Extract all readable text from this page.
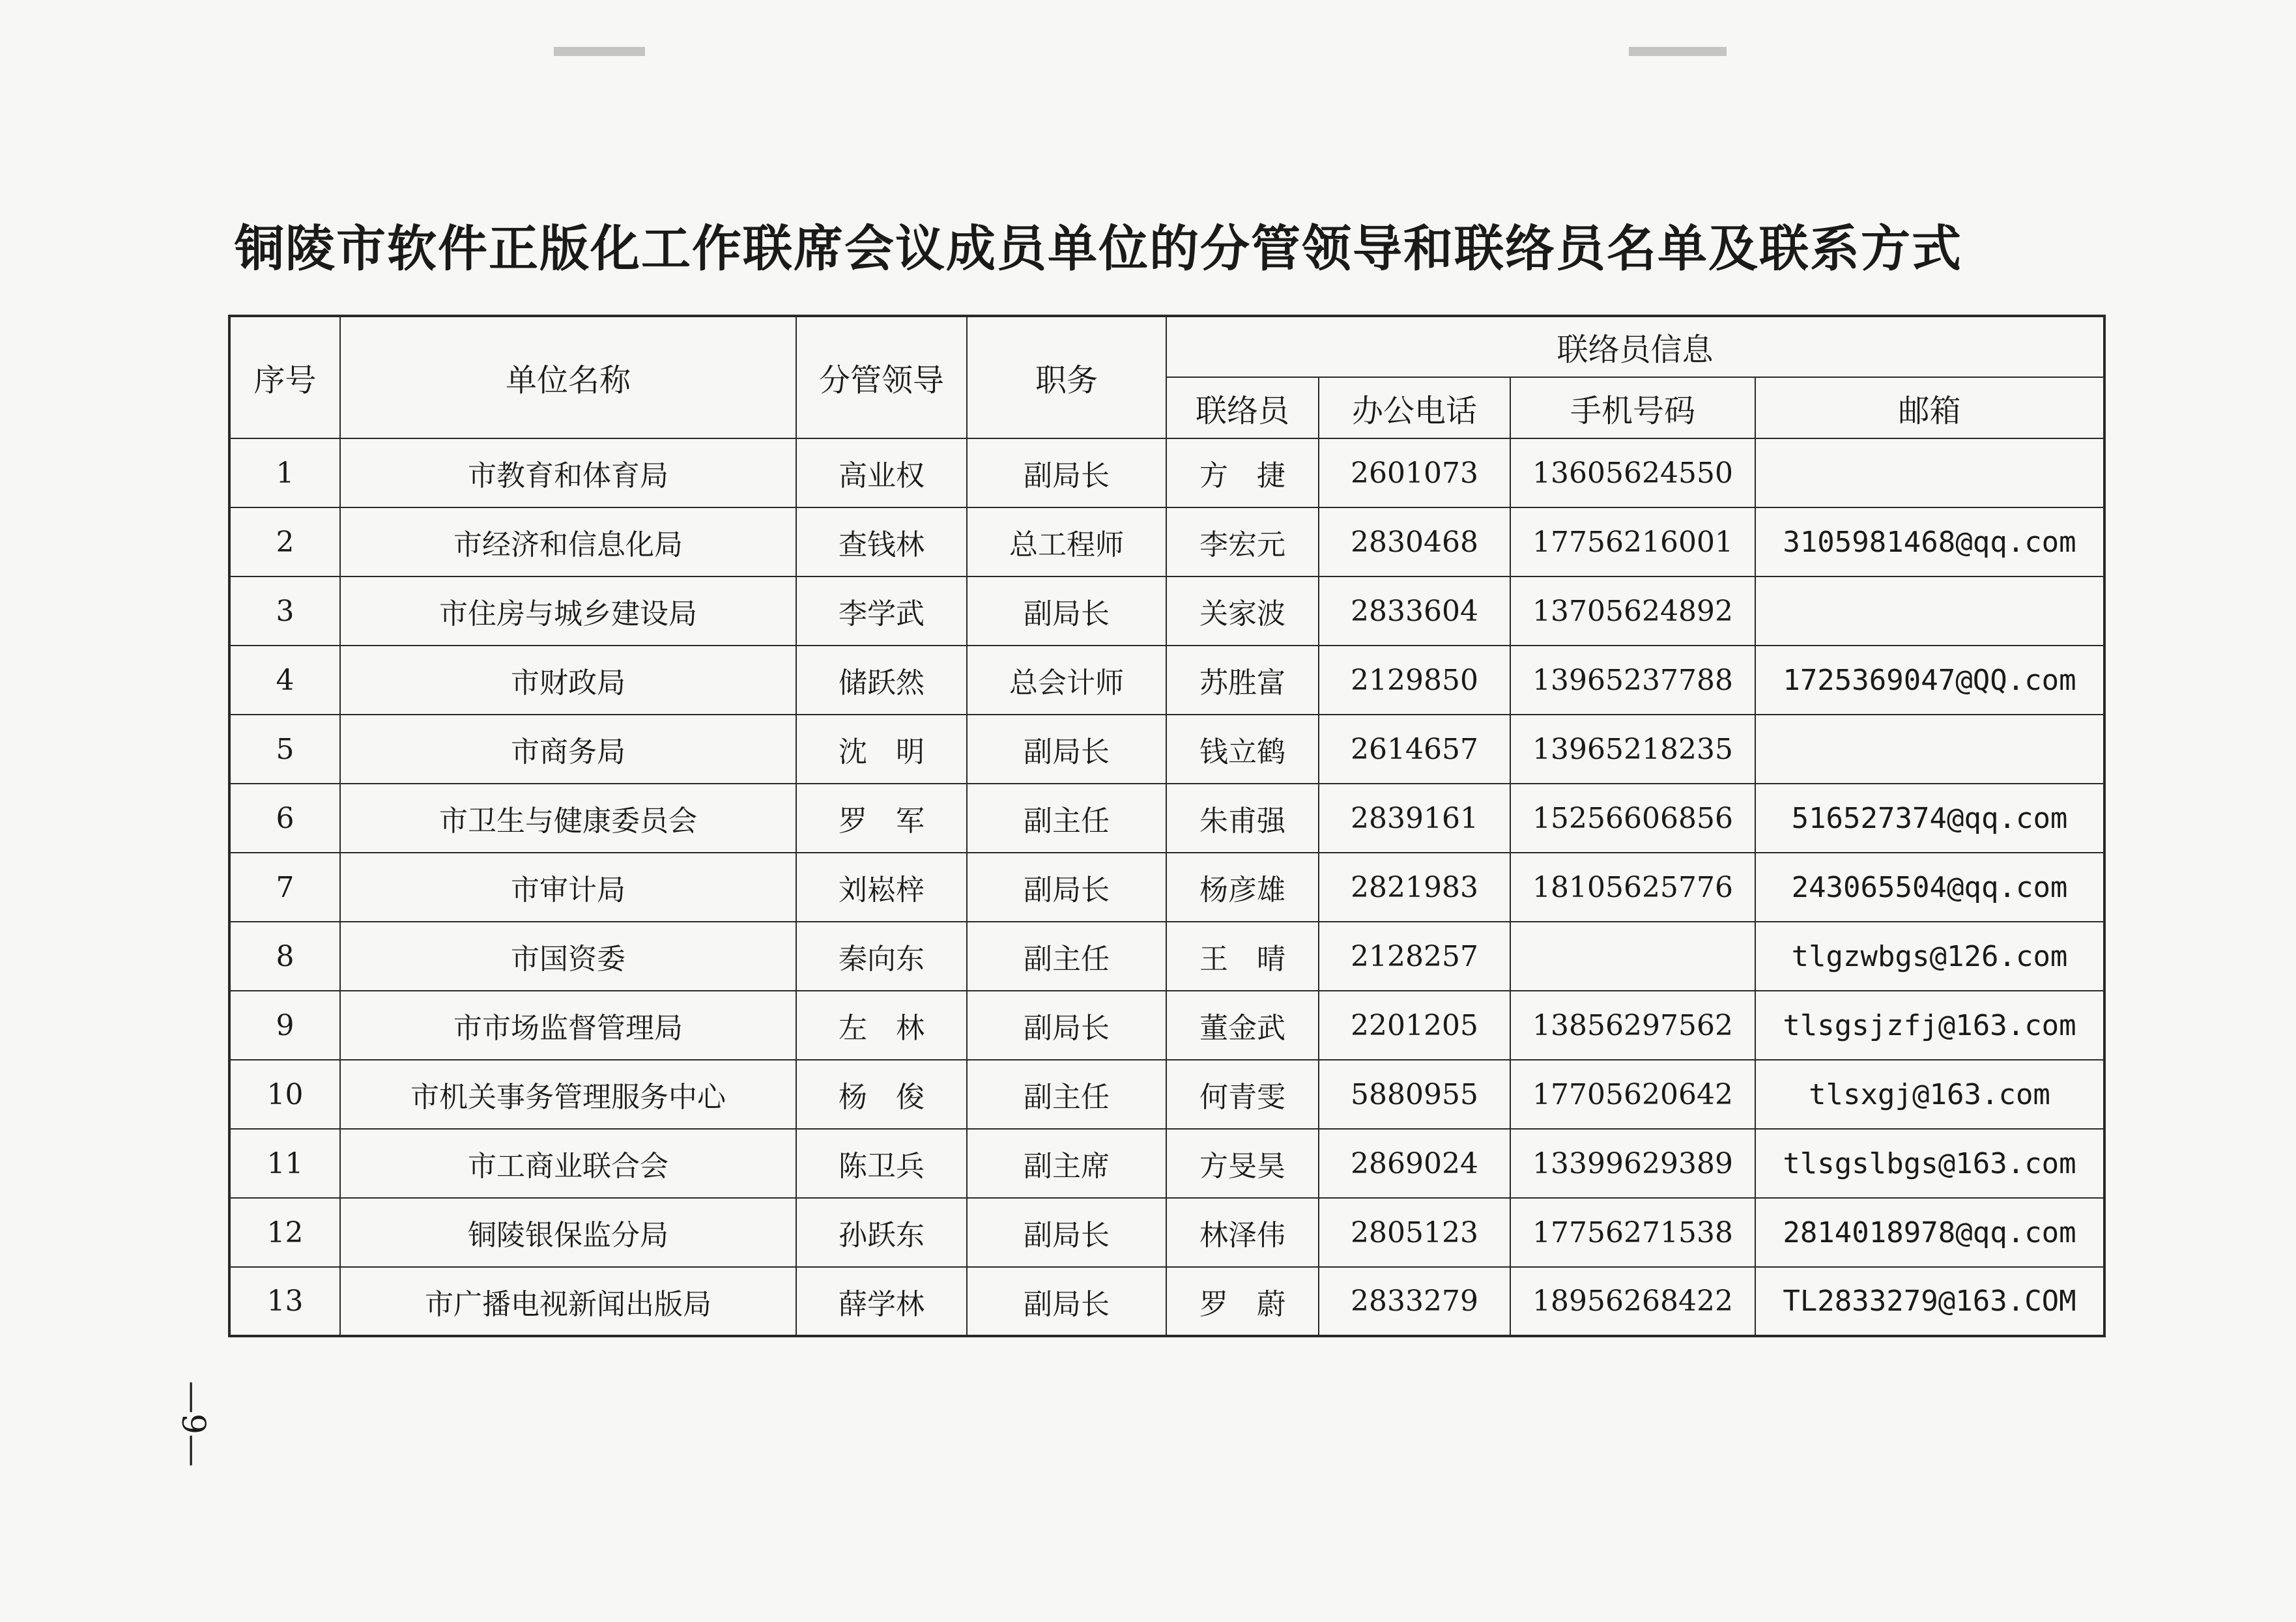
铜陵市软件正版化工作联席会议成员单位的分管领导和联络员名单及联系方式
序号	单位名称	分管领导	职务	联络员信息			
				联络员	办公电话	手机号码	邮箱
1	市教育和体育局	高业权	副局长	方　捷	2601073	13605624550	
2	市经济和信息化局	查钱林	总工程师	李宏元	2830468	17756216001	3105981468@qq.com
3	市住房与城乡建设局	李学武	副局长	关家波	2833604	13705624892	
4	市财政局	储跃然	总会计师	苏胜富	2129850	13965237788	1725369047@QQ.com
5	市商务局	沈　明	副局长	钱立鹤	2614657	13965218235	
6	市卫生与健康委员会	罗　军	副主任	朱甫强	2839161	15256606856	516527374@qq.com
7	市审计局	刘崧梓	副局长	杨彦雄	2821983	18105625776	243065504@qq.com
8	市国资委	秦向东	副主任	王　晴	2128257		tlgzwbgs@126.com
9	市市场监督管理局	左　林	副局长	董金武	2201205	13856297562	tlsgsjzfj@163.com
10	市机关事务管理服务中心	杨　俊	副主任	何青雯	5880955	17705620642	tlsxgj@163.com
11	市工商业联合会	陈卫兵	副主席	方旻昊	2869024	13399629389	tlsgslbgs@163.com
12	铜陵银保监分局	孙跃东	副局长	林泽伟	2805123	17756271538	2814018978@qq.com
13	市广播电视新闻出版局	薛学林	副局长	罗　蔚	2833279	18956268422	TL2833279@163.COM
—9—
